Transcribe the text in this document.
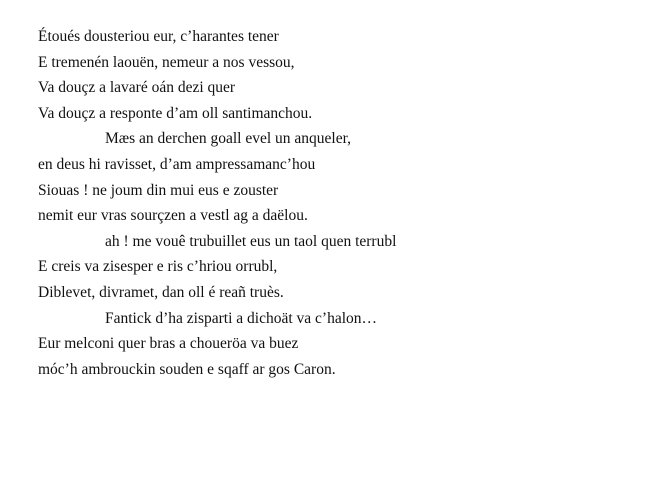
Étoués dousteriou eur, c’harantes tener
E tremenén laouën, nemeur a nos vessou,
Va douçz a lavaré oán dezi quer
Va douçz a responte d’am oll santimanchou.
Mæs an derchen goall evel un anqueler,
en deus hi ravisset, d’am ampressamanc’hou
Siouas ! ne joum din mui eus e zouster
nemit eur vras sourçzen a vestl ag a daëlou.
ah ! me vouê trubuillet eus un taol quen terrubl
E creis va zisesper e ris c’hriou orrubl,
Diblevet, divramet, dan oll é reañ truès.
Fantick d’ha zisparti a dichoät va c’halon…
Eur melconi quer bras a choueröa va buez
móc’h ambrouckin souden e sqaff ar gos Caron.
